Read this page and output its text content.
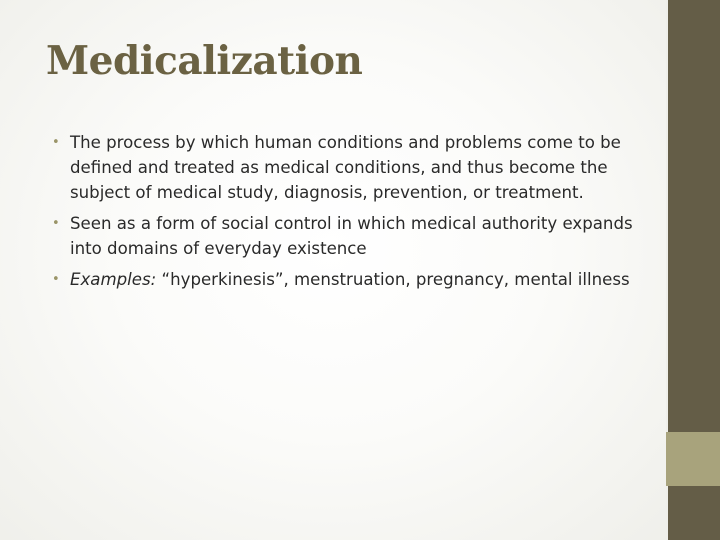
Medicalization
• The process by which human conditions and problems come to be defined and treated as medical conditions, and thus become the subject of medical study, diagnosis, prevention, or treatment.
• Seen as a form of social control in which medical authority expands into domains of everyday existence
• Examples: “hyperkinesis”, menstruation, pregnancy, mental illness
